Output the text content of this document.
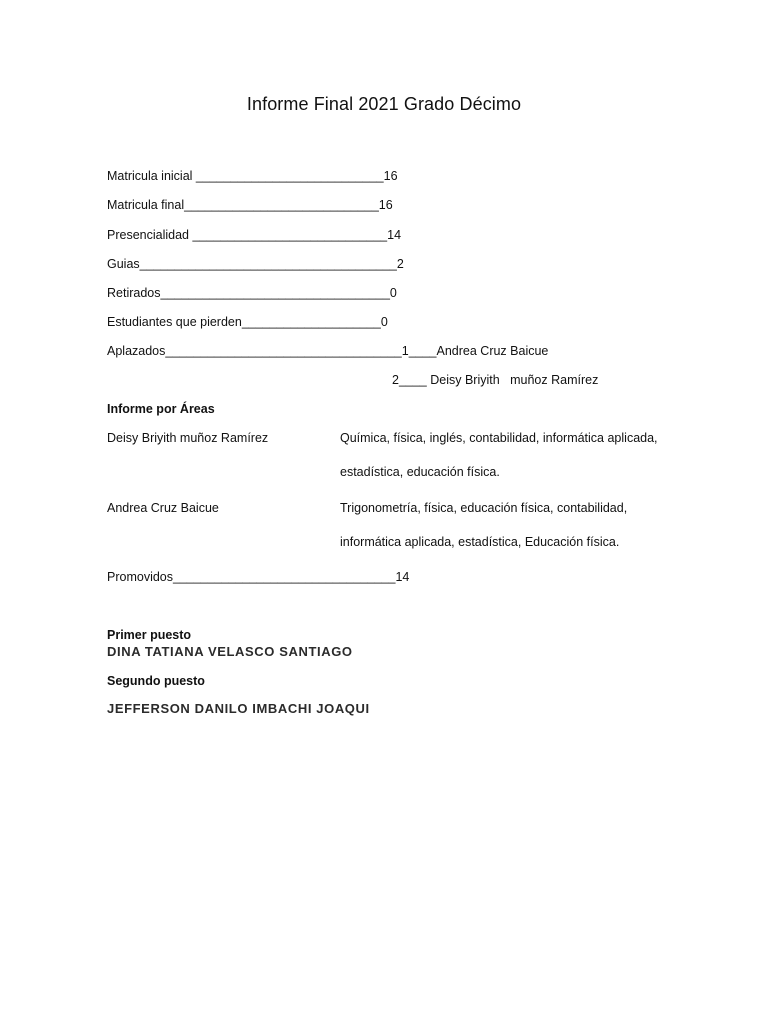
Informe Final 2021 Grado Décimo
Matricula inicial ___________________________16
Matricula final____________________________16
Presencialidad ____________________________14
Guias_____________________________________2
Retirados_________________________________0
Estudiantes que pierden____________________0
Aplazados__________________________________1____Andrea Cruz Baicue
2____ Deisy Briyith   muñoz Ramírez
Informe por Áreas
Deisy Briyith muñoz Ramírez	Química, física, inglés, contabilidad, informática aplicada,
estadística, educación física.
Andrea Cruz Baicue	Trigonometría, física, educación física, contabilidad,
informática aplicada, estadística, Educación física.
Promovidos________________________________14
Primer puesto
DINA TATIANA VELASCO SANTIAGO
Segundo puesto
JEFFERSON DANILO IMBACHI JOAQUI
